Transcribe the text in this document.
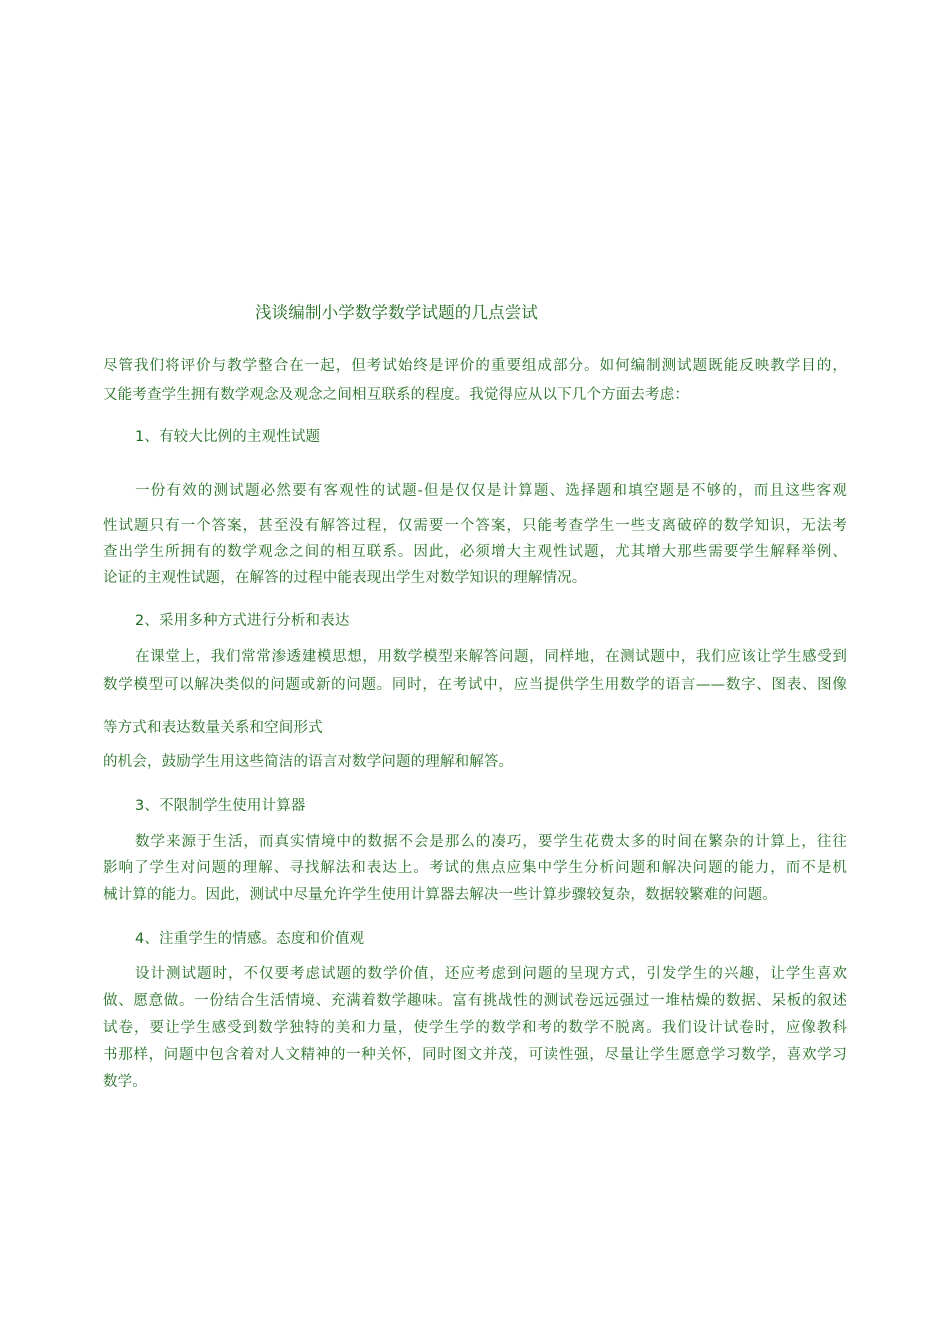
浅谈编制小学数学数学试题的几点尝试
尽管我们将评价与教学整合在一起，但考试始终是评价的重要组成部分。如何编制测试题既能反映教学目的，
又能考查学生拥有数学观念及观念之间相互联系的程度。我觉得应从以下几个方面去考虑：
1、有较大比例的主观性试题
一份有效的测试题必然要有客观性的试题-但是仅仅是计算题、选择题和填空题是不够的，而且这些客观
性试题只有一个答案，甚至没有解答过程，仅需要一个答案，只能考查学生一些支离破碎的数学知识，无法考
查出学生所拥有的数学观念之间的相互联系。因此，必须增大主观性试题，尤其增大那些需要学生解释举例、
论证的主观性试题，在解答的过程中能表现出学生对数学知识的理解情况。
2、采用多种方式进行分析和表达
在课堂上，我们常常渗透建模思想，用数学模型来解答问题，同样地，在测试题中，我们应该让学生感受到
数学模型可以解决类似的问题或新的问题。同时，在考试中，应当提供学生用数学的语言——数字、图表、图像
等方式和表达数量关系和空间形式
的机会，鼓励学生用这些简洁的语言对数学问题的理解和解答。
3、不限制学生使用计算器
数学来源于生活，而真实情境中的数据不会是那么的凑巧，要学生花费太多的时间在繁杂的计算上，往往
影响了学生对问题的理解、寻找解法和表达上。考试的焦点应集中学生分析问题和解决问题的能力，而不是机
械计算的能力。因此，测试中尽量允许学生使用计算器去解决一些计算步骤较复杂，数据较繁难的问题。
4、注重学生的情感。态度和价值观
设计测试题时，不仅要考虑试题的数学价值，还应考虑到问题的呈现方式，引发学生的兴趣，让学生喜欢
做、愿意做。一份结合生活情境、充满着数学趣味。富有挑战性的测试卷远远强过一堆枯燥的数据、呆板的叙述
试卷，要让学生感受到数学独特的美和力量，使学生学的数学和考的数学不脱离。我们设计试卷时，应像教科
书那样，问题中包含着对人文精神的一种关怀，同时图文并茂，可读性强，尽量让学生愿意学习数学，喜欢学习
数学。
